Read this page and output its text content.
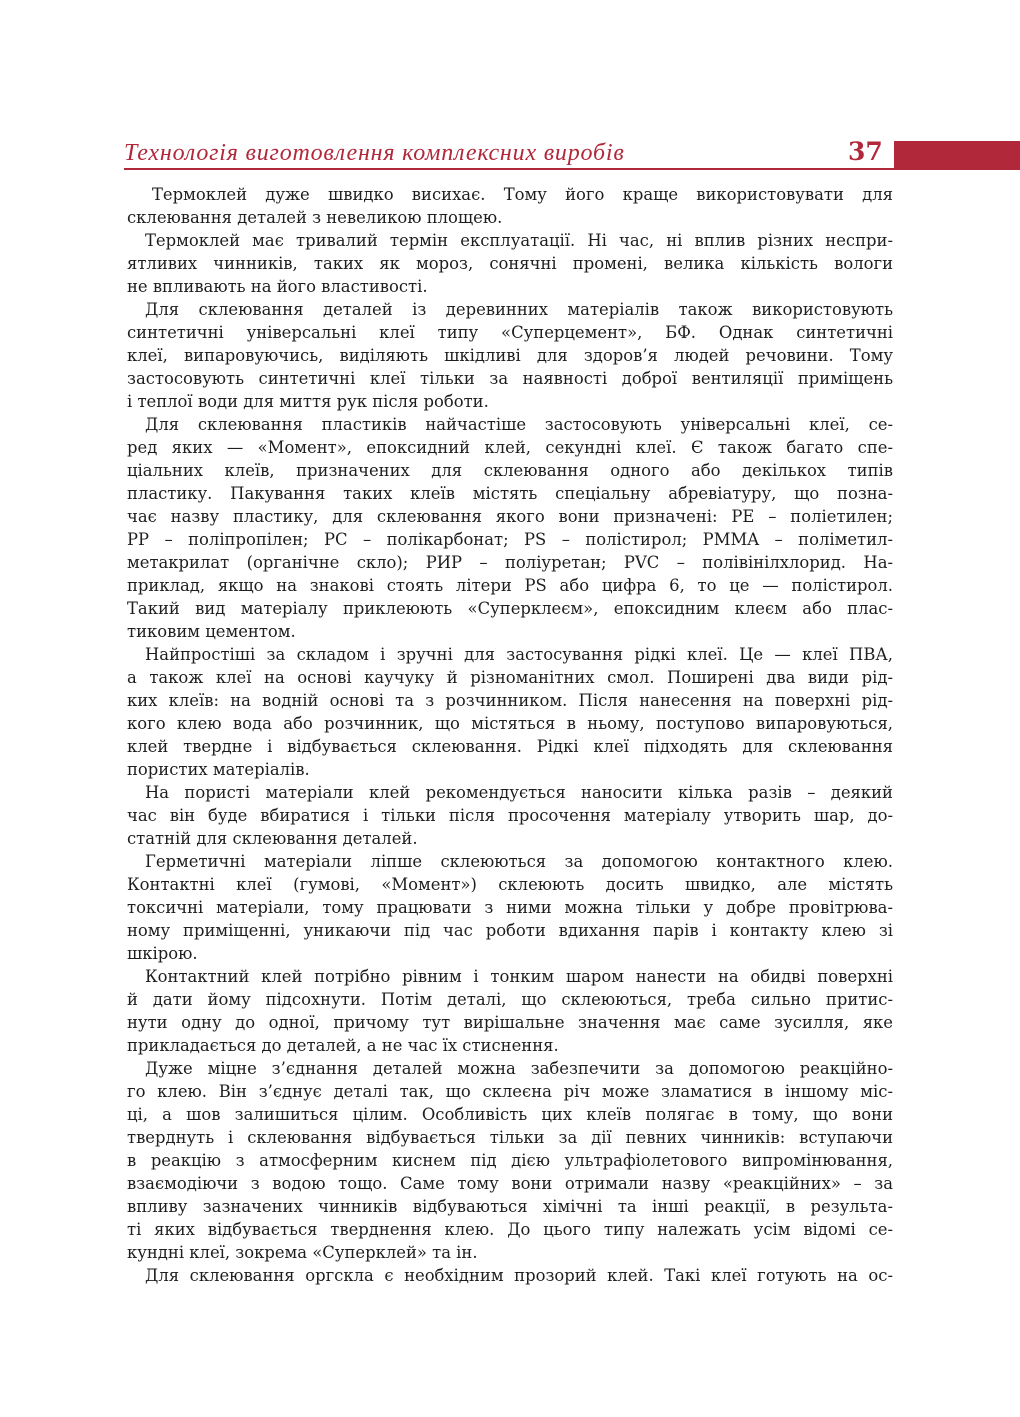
Технологія виготовлення комплексних виробів	37
Термоклей дуже швидко висихає. Тому його краще використовувати для
склеювання деталей з невеликою площею.
Термоклей має тривалий термін експлуатації. Ні час, ні вплив різних неспри-
ятливих чинників, таких як мороз, сонячні промені, велика кількість вологи
не впливають на його властивості.
Для склеювання деталей із деревинних матеріалів також використовують
синтетичні універсальні клеї типу «Суперцемент», БФ. Однак синтетичні
клеї, випаровуючись, виділяють шкідливі для здоров’я людей речовини. Тому
застосовують синтетичні клеї тільки за наявності доброї вентиляції приміщень
і теплої води для миття рук після роботи.
Для склеювання пластиків найчастіше застосовують універсальні клеї, се-
ред яких — «Момент», епоксидний клей, секундні клеї. Є також багато спе-
ціальних клеїв, призначених для склеювання одного або декількох типів
пластику. Пакування таких клеїв містять спеціальну абревіатуру, що позна-
чає назву пластику, для склеювання якого вони призначені: PE – поліетилен;
PP – поліпропілен; PC – полікарбонат; PS – полістирол; PMMA – поліметил-
метакрилат (органічне скло); PИP – поліуретан; PVC – полівінілхлорид. На-
приклад, якщо на знакові стоять літери PS або цифра 6, то це — полістирол.
Такий вид матеріалу приклеюють «Суперклеєм», епоксидним клеєм або плас-
тиковим цементом.
Найпростіші за складом і зручні для застосування рідкі клеї. Це — клеї ПВА,
а також клеї на основі каучуку й різноманітних смол. Поширені два види рід-
ких клеїв: на водній основі та з розчинником. Після нанесення на поверхні рід-
кого клею вода або розчинник, що містяться в ньому, поступово випаровуються,
клей твердне і відбувається склеювання. Рідкі клеї підходять для склеювання
пористих матеріалів.
На пористі матеріали клей рекомендується наносити кілька разів – деякий
час він буде вбиратися і тільки після просочення матеріалу утворить шар, до-
статній для склеювання деталей.
Герметичні матеріали ліпше склеюються за допомогою контактного клею.
Контактні клеї (гумові, «Момент») склеюють досить швидко, але містять
токсичні матеріали, тому працювати з ними можна тільки у добре провітрюва-
ному приміщенні, уникаючи під час роботи вдихання парів і контакту клею зі
шкірою.
Контактний клей потрібно рівним і тонким шаром нанести на обидві поверхні
й дати йому підсохнути. Потім деталі, що склеюються, треба сильно притис-
нути одну до одної, причому тут вирішальне значення має саме зусилля, яке
прикладається до деталей, а не час їх стиснення.
Дуже міцне з’єднання деталей можна забезпечити за допомогою реакційно-
го клею. Він з’єднує деталі так, що склеєна річ може зламатися в іншому міс-
ці, а шов залишиться цілим. Особливість цих клеїв полягає в тому, що вони
тверднуть і склеювання відбувається тільки за дії певних чинників: вступаючи
в реакцію з атмосферним киснем під дією ультрафіолетового випромінювання,
взаємодіючи з водою тощо. Саме тому вони отримали назву «реакційних» – за
впливу зазначених чинників відбуваються хімічні та інші реакції, в результа-
ті яких відбувається тверднення клею. До цього типу належать усім відомі се-
кундні клеї, зокрема «Суперклей» та ін.
Для склеювання оргскла є необхідним прозорий клей. Такі клеї готують на ос-
